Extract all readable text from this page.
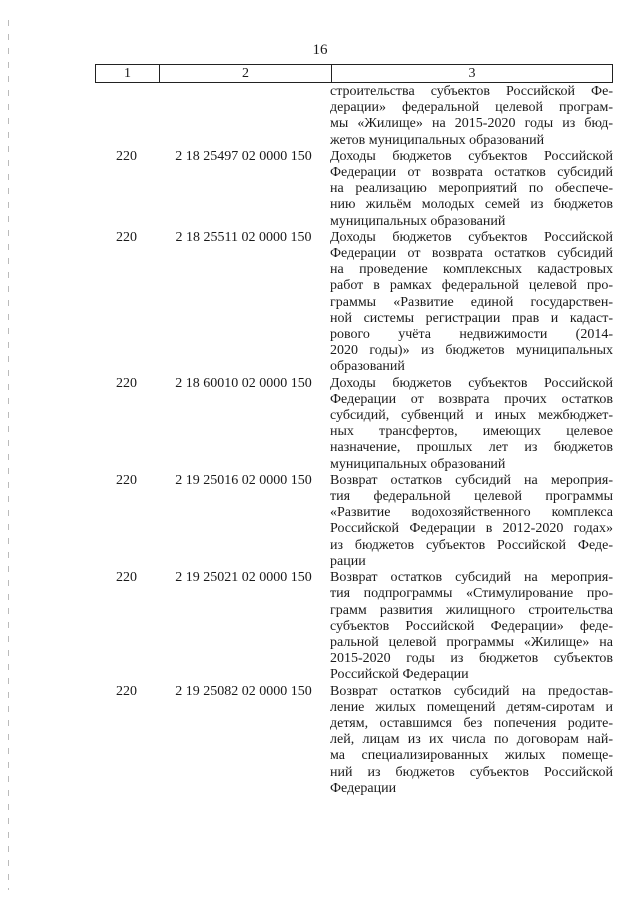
16
1	2	3
строительства субъектов Российской Фе-
дерации» федеральной целевой програм-
мы «Жилище» на 2015-2020 годы из бюд-
жетов муниципальных образований
220	2 18 25497 02 0000 150	Доходы бюджетов субъектов Российской
Федерации от возврата остатков субсидий
на реализацию мероприятий по обеспече-
нию жильём молодых семей из бюджетов
муниципальных образований
220	2 18 25511 02 0000 150	Доходы бюджетов субъектов Российской
Федерации от возврата остатков субсидий
на проведение комплексных кадастровых
работ в рамках федеральной целевой про-
граммы «Развитие единой государствен-
ной системы регистрации прав и кадаст-
рового учёта недвижимости (2014-
2020 годы)» из бюджетов муниципальных
образований
220	2 18 60010 02 0000 150	Доходы бюджетов субъектов Российской
Федерации от возврата прочих остатков
субсидий, субвенций и иных межбюджет-
ных трансфертов, имеющих целевое
назначение, прошлых лет из бюджетов
муниципальных образований
220	2 19 25016 02 0000 150	Возврат остатков субсидий на мероприя-
тия федеральной целевой программы
«Развитие водохозяйственного комплекса
Российской Федерации в 2012-2020 годах»
из бюджетов субъектов Российской Феде-
рации
220	2 19 25021 02 0000 150	Возврат остатков субсидий на мероприя-
тия подпрограммы «Стимулирование про-
грамм развития жилищного строительства
субъектов Российской Федерации» феде-
ральной целевой программы «Жилище» на
2015-2020 годы из бюджетов субъектов
Российской Федерации
220	2 19 25082 02 0000 150	Возврат остатков субсидий на предостав-
ление жилых помещений детям-сиротам и
детям, оставшимся без попечения родите-
лей, лицам из их числа по договорам най-
ма специализированных жилых помеще-
ний из бюджетов субъектов Российской
Федерации
